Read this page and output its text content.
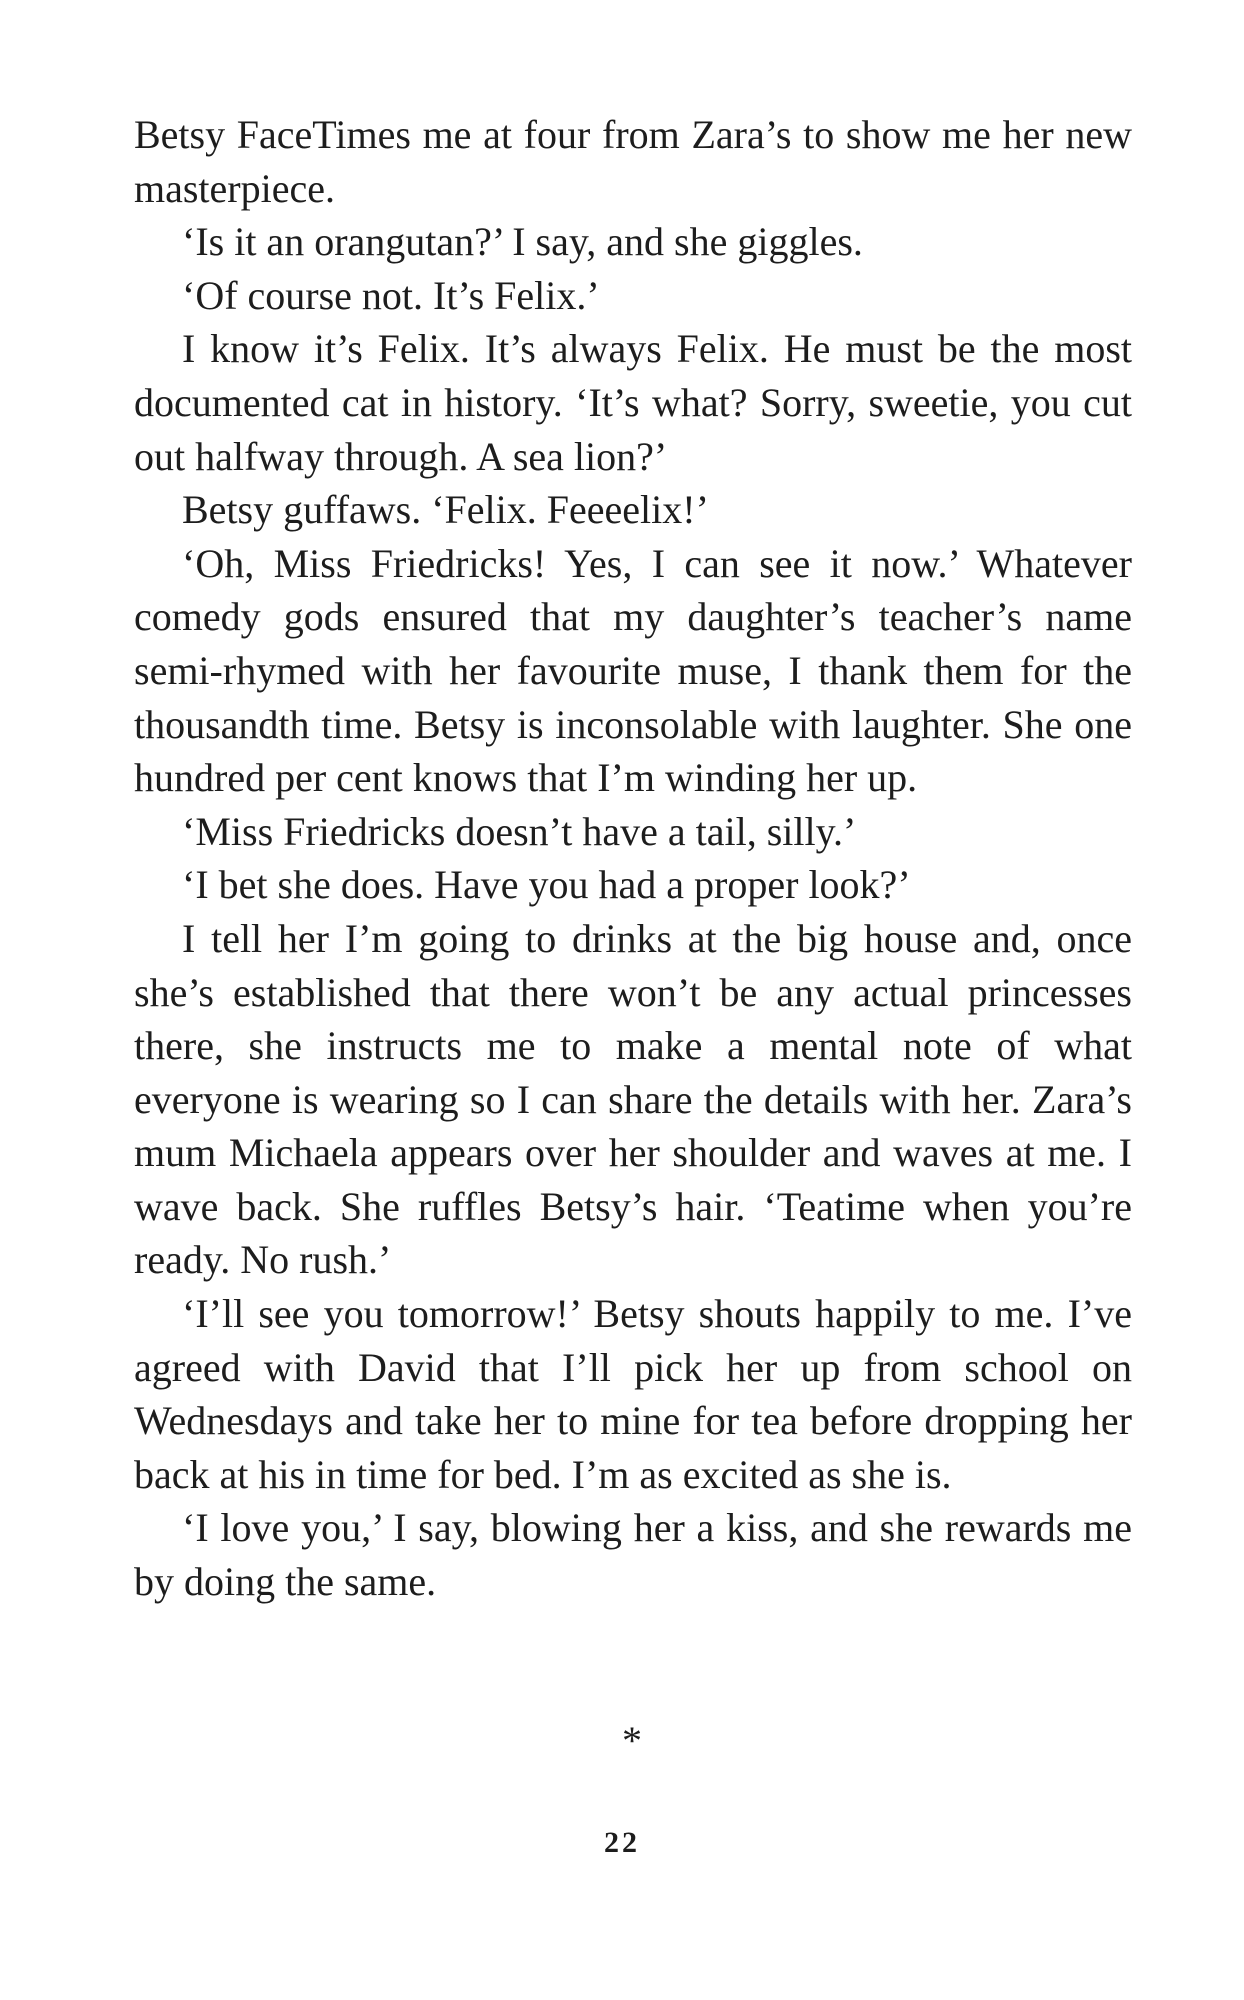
Betsy FaceTimes me at four from Zara’s to show me her new masterpiece.

‘Is it an orangutan?’ I say, and she giggles.

‘Of course not. It’s Felix.’

I know it’s Felix. It’s always Felix. He must be the most documented cat in history. ‘It’s what? Sorry, sweetie, you cut out halfway through. A sea lion?’

Betsy guffaws. ‘Felix. Feeeelix!’

‘Oh, Miss Friedricks! Yes, I can see it now.’ Whatever comedy gods ensured that my daughter’s teacher’s name semi-rhymed with her favourite muse, I thank them for the thousandth time. Betsy is inconsolable with laughter. She one hundred per cent knows that I’m winding her up.

‘Miss Friedricks doesn’t have a tail, silly.’

‘I bet she does. Have you had a proper look?’

I tell her I’m going to drinks at the big house and, once she’s established that there won’t be any actual princesses there, she instructs me to make a mental note of what everyone is wearing so I can share the details with her. Zara’s mum Michaela appears over her shoulder and waves at me. I wave back. She ruffles Betsy’s hair. ‘Teatime when you’re ready. No rush.’

‘I’ll see you tomorrow!’ Betsy shouts happily to me. I’ve agreed with David that I’ll pick her up from school on Wednesdays and take her to mine for tea before dropping her back at his in time for bed. I’m as excited as she is.

‘I love you,’ I say, blowing her a kiss, and she rewards me by doing the same.

*
22
